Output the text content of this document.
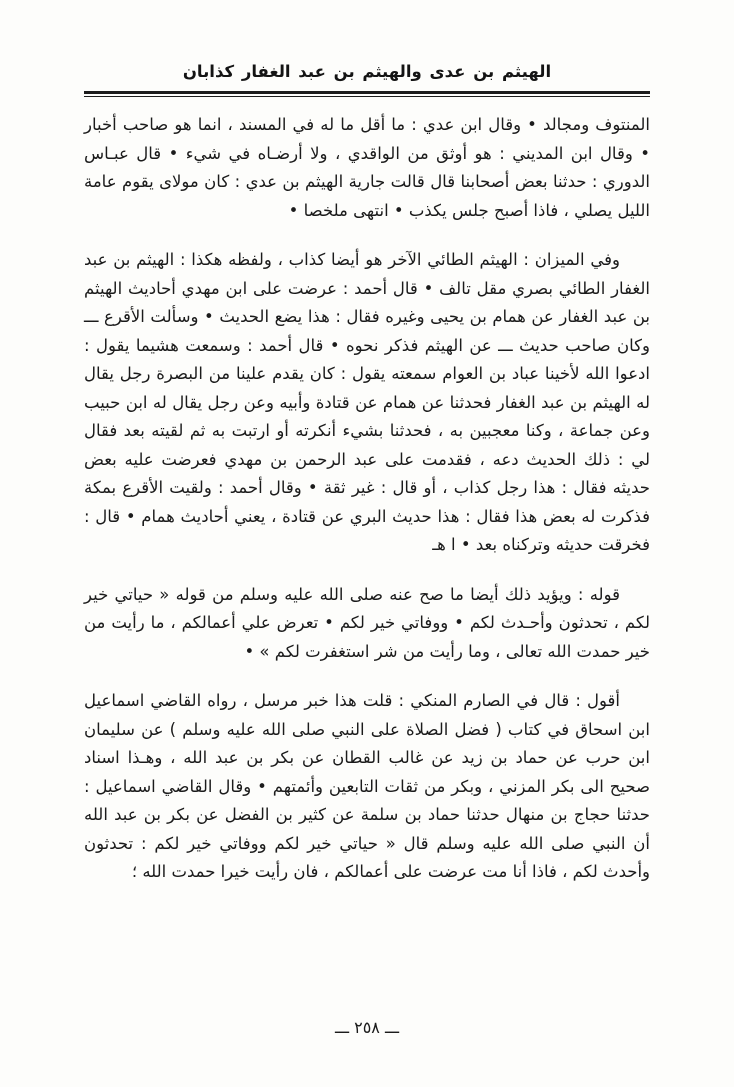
الهيثم بن عدى والهيثم بن عبد الغفار كذابان

المنتوف ومجالد • وقال ابن عدي : ما أقل ما له في المسند ، انما هو صاحب أخبار • وقال ابن المديني : هو أوثق من الواقدي ، ولا أرضـاه في شيء • قال عبـاس الدوري : حدثنا بعض أصحابنا قال قالت جارية الهيثم بن عدي : كان مولاى يقوم عامة الليل يصلي ، فاذا أصبح جلس يكذب • انتهى ملخصا •

وفي الميزان : الهيثم الطائي الآخر هو أيضا كذاب ، ولفظه هكذا : الهيثم بن عبد الغفار الطائي بصري مقل تالف • قال أحمد : عرضت على ابن مهدي أحاديث الهيثم بن عبد الغفار عن همام بن يحيى وغيره فقال : هذا يضع الحديث • وسألت الأقرع ـــ وكان صاحب حديث ـــ عن الهيثم فذكر نحوه • قال أحمد : وسمعت هشيما يقول : ادعوا الله لأخينا عباد بن العوام سمعته يقول : كان يقدم علينا من البصرة رجل يقال له الهيثم بن عبد الغفار فحدثنا عن همام عن قتادة وأبيه وعن رجل يقال له ابن حبيب وعن جماعة ، وكنا معجبين به ، فحدثنا بشيء أنكرته أو ارتبت به ثم لقيته بعد فقال لي : ذلك الحديث دعه ، فقدمت على عبد الرحمن بن مهدي فعرضت عليه بعض حديثه فقال : هذا رجل كذاب ، أو قال : غير ثقة • وقال أحمد : ولقيت الأقرع بمكة فذكرت له بعض هذا فقال : هذا حديث البري عن قتادة ، يعني أحاديث همام • قال : فخرقت حديثه وتركناه بعد • ا هـ

قوله : ويؤيد ذلك أيضا ما صح عنه صلى الله عليه وسلم من قوله « حياتي خير لكم ، تحدثون وأحـدث لكم • ووفاتي خير لكم • تعرض علي أعمالكم ، ما رأيت من خير حمدت الله تعالى ، وما رأيت من شر استغفرت لكم » •

أقول : قال في الصارم المنكي : قلت هذا خبر مرسل ، رواه القاضي اسماعيل ابن اسحاق في كتاب ( فضل الصلاة على النبي صلى الله عليه وسلم ) عن سليمان ابن حرب عن حماد بن زيد عن غالب القطان عن بكر بن عبد الله ، وهـذا اسناد صحيح الى بكر المزني ، وبكر من ثقات التابعين وأئمتهم • وقال القاضي اسماعيل : حدثنا حجاج بن منهال حدثنا حماد بن سلمة عن كثير بن الفضل عن بكر بن عبد الله أن النبي صلى الله عليه وسلم قال « حياتي خير لكم ووفاتي خير لكم : تحدثون وأحدث لكم ، فاذا أنا مت عرضت على أعمالكم ، فان رأيت خيرا حمدت الله ؛

ـــ ٢٥٨ ـــ
